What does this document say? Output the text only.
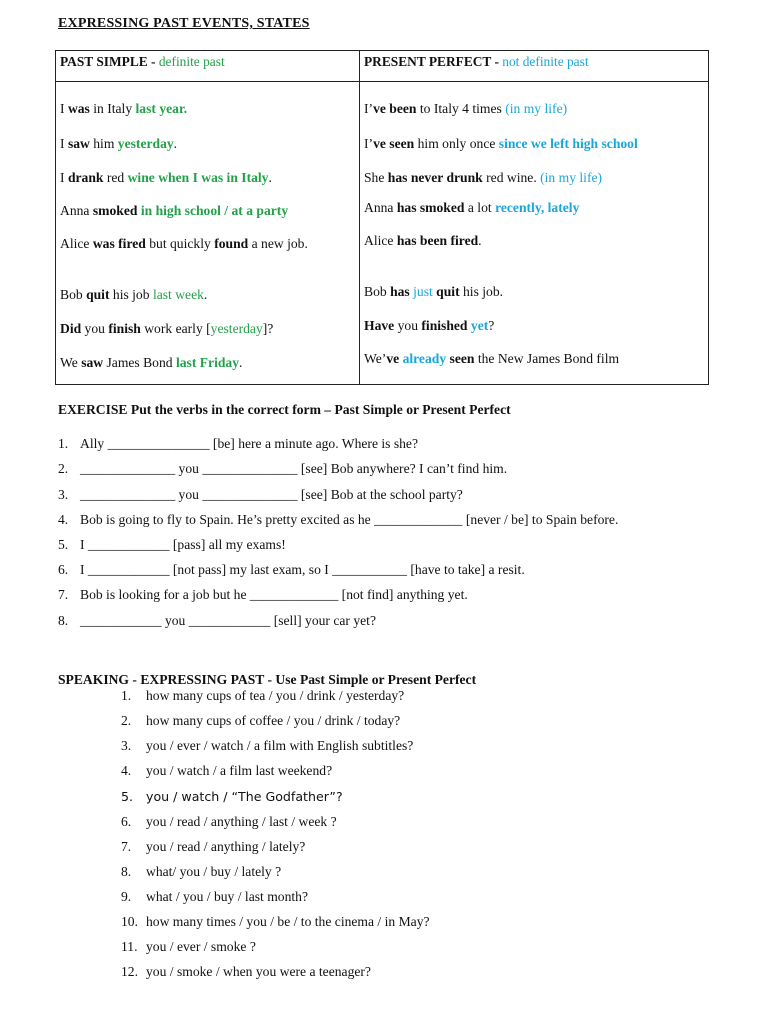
EXPRESSING PAST EVENTS, STATES
PAST SIMPLE - definite past	PRESENT PERFECT - not definite past
I was in Italy last year.
I saw him yesterday.
I drank red wine when I was in Italy.
Anna smoked in high school / at a party
Alice was fired but quickly found a new job.
Bob quit his job last week.
Did you finish work early [yesterday]?
We saw James Bond last Friday.
I’ve been to Italy 4 times (in my life)
I’ve seen him only once since we left high school
She has never drunk red wine. (in my life)
Anna has smoked a lot recently, lately
Alice has been fired.
Bob has just quit his job.
Have you finished yet?
We’ve already seen the New James Bond film
EXERCISE Put the verbs in the correct form – Past Simple or Present Perfect
1. Ally _______________ [be] here a minute ago. Where is she?
2. ______________ you ______________ [see] Bob anywhere? I can’t find him.
3. ______________ you ______________ [see] Bob at the school party?
4. Bob is going to fly to Spain. He’s pretty excited as he _____________ [never / be] to Spain before.
5. I ____________ [pass] all my exams!
6. I ____________ [not pass] my last exam, so I ___________ [have to take] a resit.
7. Bob is looking for a job but he _____________ [not find] anything yet.
8. ____________ you ____________ [sell] your car yet?
SPEAKING - EXPRESSING PAST - Use Past Simple or Present Perfect
1. how many cups of tea / you / drink / yesterday?
2. how many cups of coffee / you / drink / today?
3. you / ever / watch / a film with English subtitles?
4. you / watch / a film last weekend?
5. you / watch / “The Godfather”?
6. you / read / anything / last / week ?
7. you / read / anything / lately?
8. what/ you / buy / lately ?
9. what / you / buy / last month?
10. how many times / you / be / to the cinema / in May?
11. you / ever / smoke ?
12. you / smoke / when you were a teenager?
